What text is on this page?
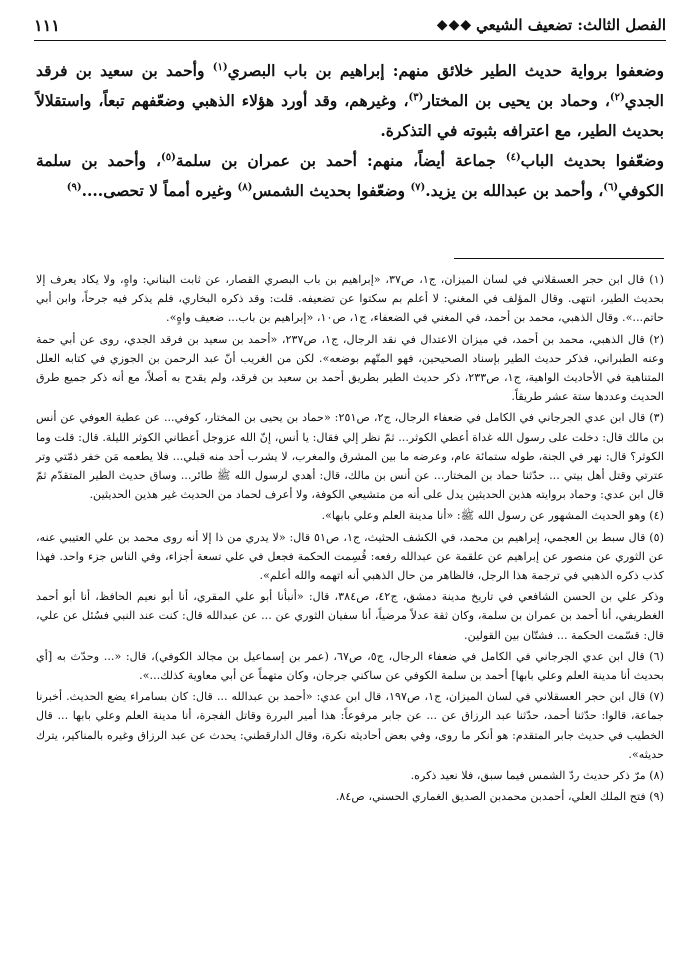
الفصل الثالث: تضعيف الشيعي
◆◆◆
١١١

وضعفوا برواية حديث الطير خلائق منهم: إبراهيم بن باب البصري$^{(١)}$ وأحمد بن سعيد بن فرقد الجدي$^{(٢)}$، وحماد بن يحيى بن المختار$^{(٣)}$، وغيرهم، وقد أورد هؤلاء الذهبي وضعّفهم تبعاً، واستقلالاً بحديث الطير، مع اعترافه بثبوته في التذكرة.

وضعّفوا بحديث الباب$^{(٤)}$ جماعة أيضاً، منهم: أحمد بن عمران بن سلمة$^{(٥)}$، وأحمد بن سلمة الكوفي$^{(٦)}$، وأحمد بن عبدالله بن يزيد.$^{(٧)}$ وضعّفوا بحديث الشمس$^{(٨)}$ وغيره أمماً لا تحصى....$^{(٩)}$

(١) قال ابن حجر العسقلاني في لسان الميزان، ج١، ص٣٧، «إبراهيم بن باب البصري القصار، عن ثابت البناني: واهٍ، ولا يكاد يعرف إلا بحديث الطير، انتهى. وقال المؤلف في المغني: لا أعلم بم سكتوا عن تضعيفه. قلت: وقد ذكره البخاري، فلم يذكر فيه جرحاً، وابن أبي حاتم...». وقال الذهبي، محمد بن أحمد، في المغني في الضعفاء، ج١، ص١٠، «إبراهيم بن باب... ضعيف واهٍ».

(٢) قال الذهبي، محمد بن أحمد، في ميزان الاعتدال في نقد الرجال، ج١، ص٢٣٧، «أحمد بن سعيد بن فرقد الجدي، روى عن أبي حمة وعنه الطبراني، فذكر حديث الطير بإسناد الصحيحين، فهو المتّهم بوضعه». لكن من الغريب أنّ عبد الرحمن بن الجوزي في كتابه العلل المتناهية في الأحاديث الواهية، ج١، ص٢٣٣، ذكر حديث الطير بطريق أحمد بن سعيد بن فرقد، ولم يقدح به أصلاً، مع أنه ذكر جميع طرق الحديث وعددها ستة عشر طريقاً.

(٣) قال ابن عدي الجرجاني في الكامل في ضعفاء الرجال، ج٢، ص٢٥١: «حماد بن يحيى بن المختار، كوفي... عن عطية العوفي عن أنس بن مالك قال: دخلت على رسول الله غداة أعطي الكوثر... ثمّ نظر إلي فقال: يا أنس، إنّ الله عزوجل أعطاني الكوثر الليلة. قال: قلت وما الكوثر؟ قال: نهر في الجنة، طوله ستمائة عام، وعرضه ما بين المشرق والمغرب، لا يشرب أحد منه قبلي... فلا يطعمه مَن خفر ذمّتي وتر عترتي وقتل أهل بيتي ... حدّثنا حماد بن المختار... عن أنس بن مالك، قال: أهدي لرسول الله ﷺ طائر... وساق حديث الطير المتقدّم ثمّ قال ابن عدي: وحماد بروايته هذين الحديثين يدل على أنه من متشيعي الكوفة، ولا أعرف لحماد من الحديث غير هذين الحديثين.

(٤) وهو الحديث المشهور عن رسول الله ﷺ: «أنا مدينة العلم وعلي بابها».

(٥) قال سبط بن العجمي، إبراهيم بن محمد، في الكشف الحثيث، ج١، ص٥١ قال: «لا يدري من ذا إلا أنه روى محمد بن علي العتيبي عنه، عن الثوري عن منصور عن إبراهيم عن علقمة عن عبدالله رفعه: قُسِمت الحكمة فجعل في علي تسعة أجزاء، وفي الناس جزء واحد. فهذا كذب ذكره الذهبي في ترجمة هذا الرجل، فالظاهر من حال الذهبي أنه اتهمه والله أعلم».

وذكر علي بن الحسن الشافعي في تاريخ مدينة دمشق، ج٤٢، ص٣٨٤، قال: «أنبأنا أبو علي المقري، أنا أبو نعيم الحافظ، أنا أبو أحمد الغطريفي، أنا أحمد بن عمران بن سلمة، وكان ثقة عدلاً مرضياً، أنا سفيان الثوري عن ... عن عبدالله قال: كنت عند النبي فسُئل عن علي، قال: قسّمت الحكمة ... فشتّان بين القولين.

(٦) قال ابن عدي الجرجاني في الكامل في ضعفاء الرجال، ج٥، ص٦٧، (عمر بن إسماعيل بن مجالد الكوفي)، قال: «... وحدّث به [أي بحديث أنا مدينة العلم وعلي بابها] أحمد بن سلمة الكوفي عن ساكني جرجان، وكان متهماً عن أبي معاوية كذلك...».

(٧) قال ابن حجر العسقلاني في لسان الميزان، ج١، ص١٩٧، قال ابن عدي: «أحمد بن عبدالله ... قال: كان بسامراء يضع الحديث. أخبرنا جماعة، قالوا: حدّثنا أحمد، حدّثنا عبد الرزاق عن ... عن جابر مرفوعاً: هذا أمير البررة وقاتل الفجرة، أنا مدينة العلم وعلي بابها ... قال الخطيب في حديث جابر المتقدم: هو أنكر ما روى، وفي بعض أحاديثه نكرة، وقال الدارقطني: يحدث عن عبد الرزاق وغيره بالمناكير، يترك حديثه».

(٨) مرّ ذكر حديث ردّ الشمس فيما سبق، فلا نعيد ذكره.

(٩) فتح الملك العلي، أحمدبن محمدبن الصديق الغماري الحسني، ص٨٤.
